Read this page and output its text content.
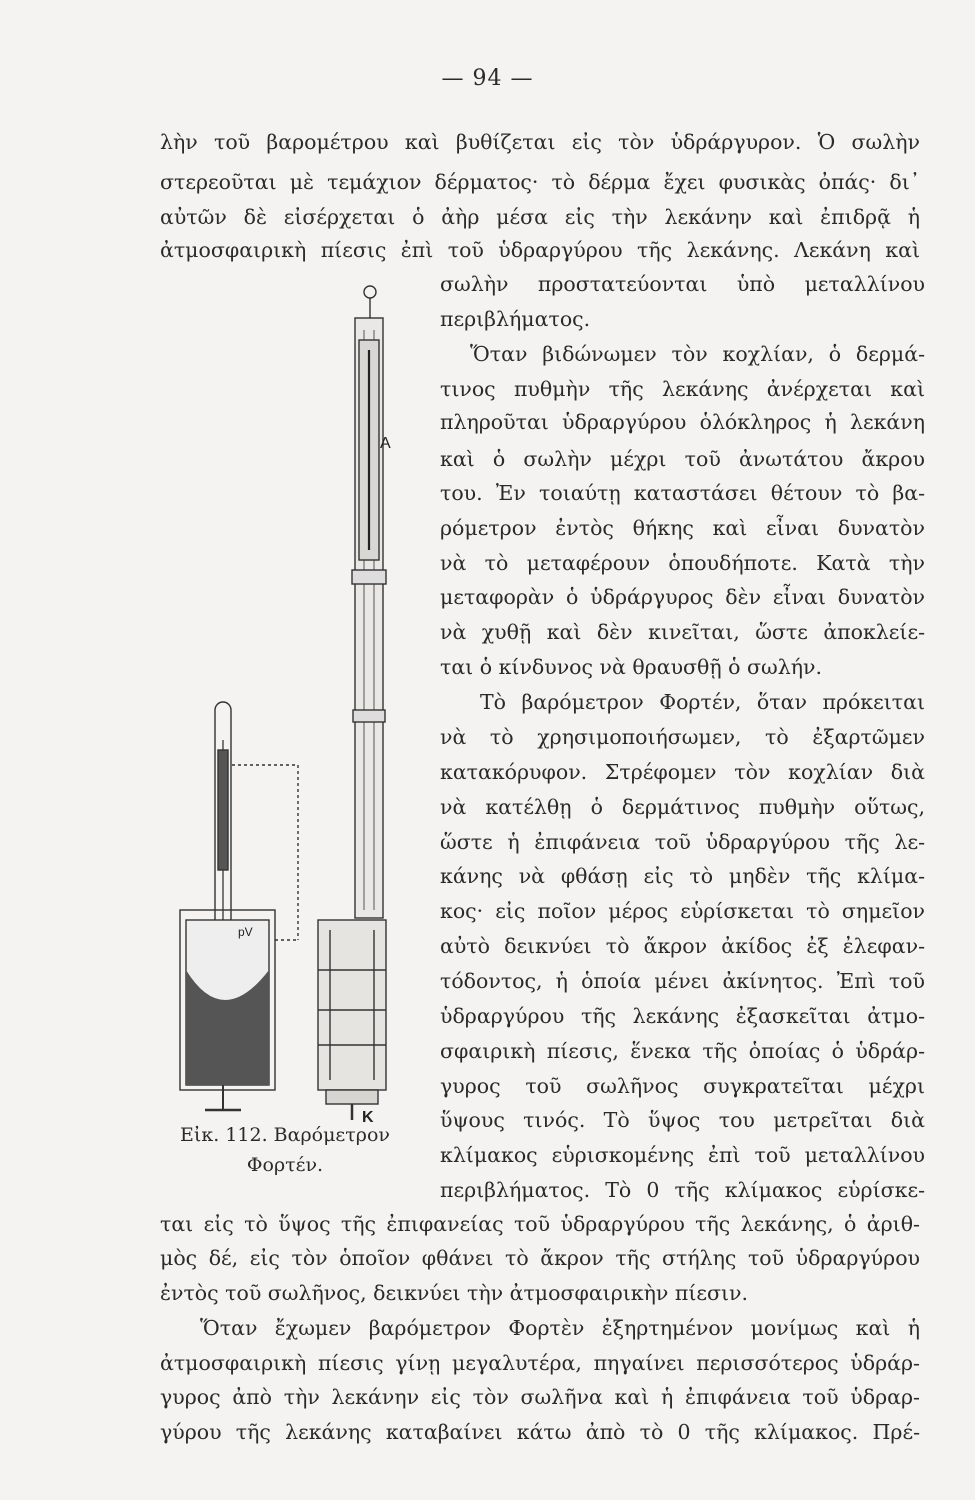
— 94 —
λὴν τοῦ βαρομέτρου καὶ βυθίζεται εἰς τὸν ὑδράργυρον. Ὁ σωλὴν
στερεοῦται μὲ τεμάχιον δέρματος· τὸ δέρμα ἔχει φυσικὰς ὀπάς· δι᾽
αὐτῶν δὲ εἰσέρχεται ὁ ἀὴρ μέσα εἰς τὴν λεκάνην καὶ ἐπιδρᾷ ἡ
ἀτμοσφαιρικὴ πίεσις ἐπὶ τοῦ ὑδραργύρου τῆς λεκάνης. Λεκάνη καὶ
σωλὴν προστατεύονται ὑπὸ μεταλλίνου
περιβλήματος.
Ὅταν βιδώνωμεν τὸν κοχλίαν, ὁ δερμά-
τινος πυθμὴν τῆς λεκάνης ἀνέρχεται καὶ
πληροῦται ὑδραργύρου ὁλόκληρος ἡ λεκάνη
καὶ ὁ σωλὴν μέχρι τοῦ ἀνωτάτου ἄκρου
του. Ἐν τοιαύτῃ καταστάσει θέτουν τὸ βα-
ρόμετρον ἐντὸς θήκης καὶ εἶναι δυνατὸν
νὰ τὸ μεταφέρουν ὁπουδήποτε. Κατὰ τὴν
μεταφορὰν ὁ ὑδράργυρος δὲν εἶναι δυνατὸν
νὰ χυθῇ καὶ δὲν κινεῖται, ὥστε ἀποκλείε-
ται ὁ κίνδυνος νὰ θραυσθῇ ὁ σωλήν.
Τὸ βαρόμετρον Φορτέν, ὅταν πρόκειται
νὰ τὸ χρησιμοποιήσωμεν, τὸ ἐξαρτῶμεν
κατακόρυφον. Στρέφομεν τὸν κοχλίαν διὰ
νὰ κατέλθῃ ὁ δερμάτινος πυθμὴν οὕτως,
ὥστε ἡ ἐπιφάνεια τοῦ ὑδραργύρου τῆς λε-
κάνης νὰ φθάσῃ εἰς τὸ μηδὲν τῆς κλίμα-
κος· εἰς ποῖον μέρος εὑρίσκεται τὸ σημεῖον
αὐτὸ δεικνύει τὸ ἄκρον ἀκίδος ἐξ ἐλεφαν-
τόδοντος, ἡ ὁποία μένει ἀκίνητος. Ἐπὶ τοῦ
ὑδραργύρου τῆς λεκάνης ἐξασκεῖται ἀτμο-
σφαιρικὴ πίεσις, ἕνεκα τῆς ὁποίας ὁ ὑδράρ-
γυρος τοῦ σωλῆνος συγκρατεῖται μέχρι
ὕψους τινός. Τὸ ὕψος του μετρεῖται διὰ
κλίμακος εὑρισκομένης ἐπὶ τοῦ μεταλλίνου
περιβλήματος. Τὸ 0 τῆς κλίμακος εὑρίσκε-
ται εἰς τὸ ὕψος τῆς ἐπιφανείας τοῦ ὑδραργύρου τῆς λεκάνης, ὁ ἀριθ-
μὸς δέ, εἰς τὸν ὁποῖον φθάνει τὸ ἄκρον τῆς στήλης τοῦ ὑδραργύρου
ἐντὸς τοῦ σωλῆνος, δεικνύει τὴν ἀτμοσφαιρικὴν πίεσιν.
Ὅταν ἔχωμεν βαρόμετρον Φορτὲν ἐξηρτημένον μονίμως καὶ ἡ
ἀτμοσφαιρικὴ πίεσις γίνῃ μεγαλυτέρα, πηγαίνει περισσότερος ὑδράρ-
γυρος ἀπὸ τὴν λεκάνην εἰς τὸν σωλῆνα καὶ ἡ ἐπιφάνεια τοῦ ὑδραρ-
γύρου τῆς λεκάνης καταβαίνει κάτω ἀπὸ τὸ 0 τῆς κλίμακος. Πρέ-
A
K
pV
Εἰκ. 112. Βαρόμετρον
Φορτέν.
